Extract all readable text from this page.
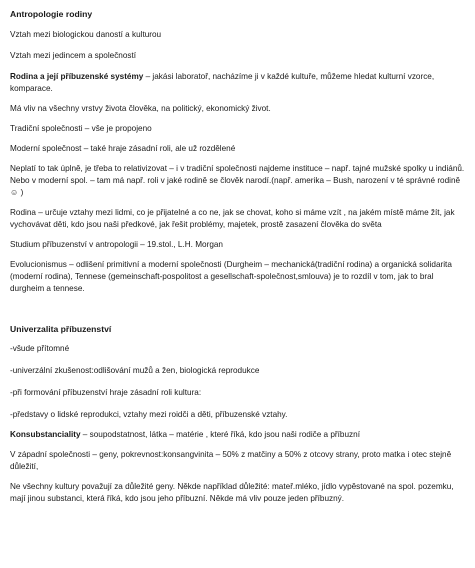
Antropologie rodiny

Vztah mezi biologickou daností a kulturou

Vztah mezi jedincem a společností

Rodina a její příbuzenské systémy – jakási laboratoř, nacházíme ji v každé kultuře, můžeme hledat kulturní vzorce, komparace.

Má vliv na všechny vrstvy života člověka, na politický, ekonomický život.

Tradiční společnosti – vše je propojeno

Moderní společnost – také hraje zásadní roli, ale už rozdělené

Neplatí to tak úplně, je třeba to relativizovat – i v tradiční společnosti najdeme instituce – např. tajné mužské spolky u indiánů. Nebo v moderní spol. – tam má např. roli v jaké rodině se člověk narodí.(např. amerika – Bush, narození v té správné rodině☺ )

Rodina – určuje vztahy mezi lidmi, co je přijatelné a co ne, jak se chovat, koho si máme vzít , na jakém místě máme žít, jak vychovávat děti, kdo jsou naši předkové, jak řešit problémy, majetek, prostě zasazení člověka do světa

Studium příbuzenství v antropologii – 19.stol., L.H. Morgan

Evolucionismus – odlišení primitivní a moderní společnosti (Durgheim – mechanická(tradiční rodina) a organická solidarita (moderní rodina), Tennese (gemeinschaft-pospolitost a gesellschaft-společnost,smlouva) je to rozdíl v tom, jak to bral durgheim a tennese.

Univerzalita příbuzenství

-všude přítomné

-univerzální zkušenost:odlišování mužů a žen, biologická reprodukce

-při formování příbuzenství hraje zásadní roli kultura:

-představy o lidské reprodukci, vztahy mezi roidči a děti, příbuzenské vztahy.

Konsubstanciality – soupodstatnost, látka – matérie , které říká, kdo jsou naši rodiče a příbuzní

V západní společnosti – geny, pokrevnost:konsangvinita – 50% z matčiny a 50% z otcovy strany, proto matka i otec stejně důležití,

Ne všechny kultury považují za důležité geny. Někde například důležité: mateř.mléko, jídlo vypěstované na spol. pozemku, mají jinou substanci, která říká, kdo jsou jeho příbuzní. Někde má vliv pouze jeden příbuzný.
